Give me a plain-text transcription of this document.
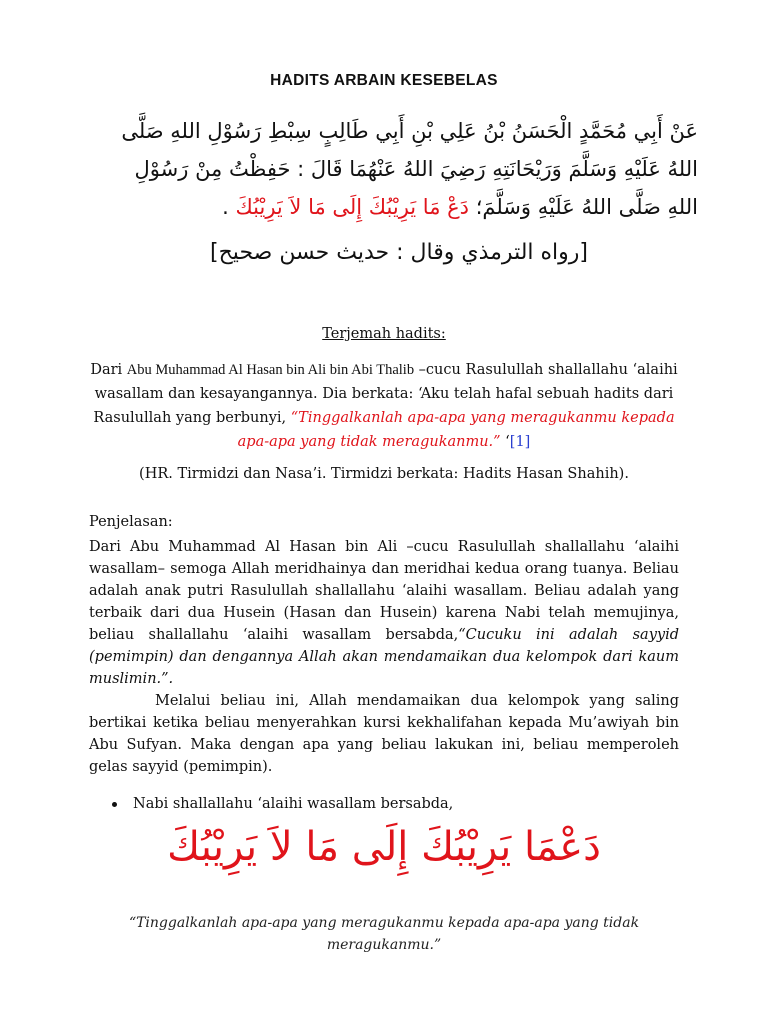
HADITS ARBAIN KESEBELAS
عَنْ أَبِي مُحَمَّدٍ الْحَسَنُ بْنُ عَلِي بْنِ أَبِي طَالِبٍ سِبْطِ رَسُوْلِ اللهِ صَلَّى اللهُ عَلَيْهِ وَسَلَّمَ وَرَيْحَانَتِهِ رَضِيَ اللهُ عَنْهُمَا قَالَ : حَفِظْتُ مِنْ رَسُوْلِ اللهِ صَلَّى اللهُ عَلَيْهِ وَسَلَّمَ؛ دَعْ مَا يَرِيْبُكَ إِلَى مَا لاَ يَرِيْبُكَ .
[رواه الترمذي وقال : حديث حسن صحيح]
Terjemah hadits:
Dari Abu Muhammad Al Hasan bin Ali bin Abi Thalib –cucu Rasulullah shallallahu ‘alaihi wasallam dan kesayangannya. Dia berkata: ‘Aku telah hafal sebuah hadits dari Rasulullah yang berbunyi, “Tinggalkanlah apa-apa yang meragukanmu kepada apa-apa yang tidak meragukanmu.” ‘[1]
(HR. Tirmidzi dan Nasa’i. Tirmidzi berkata: Hadits Hasan Shahih).
Penjelasan:

Dari Abu Muhammad Al Hasan bin Ali –cucu Rasulullah shallallahu ‘alaihi wasallam– semoga Allah meridhainya dan meridhai kedua orang tuanya. Beliau adalah anak putri Rasulullah shallallahu ‘alaihi wasallam. Beliau adalah yang terbaik dari dua Husein (Hasan dan Husein) karena Nabi telah memujinya, beliau shallallahu ‘alaihi wasallam bersabda,“Cucuku ini adalah sayyid (pemimpin) dan dengannya Allah akan mendamaikan dua kelompok dari kaum muslimin.”.

Melalui beliau ini, Allah mendamaikan dua kelompok yang saling bertikai ketika beliau menyerahkan kursi kekhalifahan kepada Mu’awiyah bin Abu Sufyan. Maka dengan apa yang beliau lakukan ini, beliau memperoleh gelas sayyid (pemimpin).

Nabi shallallahu ‘alaihi wasallam bersabda,
دَعْمَا يَرِيْبُكَ إِلَى مَا لاَ يَرِيْبُكَ
“Tinggalkanlah apa-apa yang meragukanmu kepada apa-apa yang tidak meragukanmu.”
